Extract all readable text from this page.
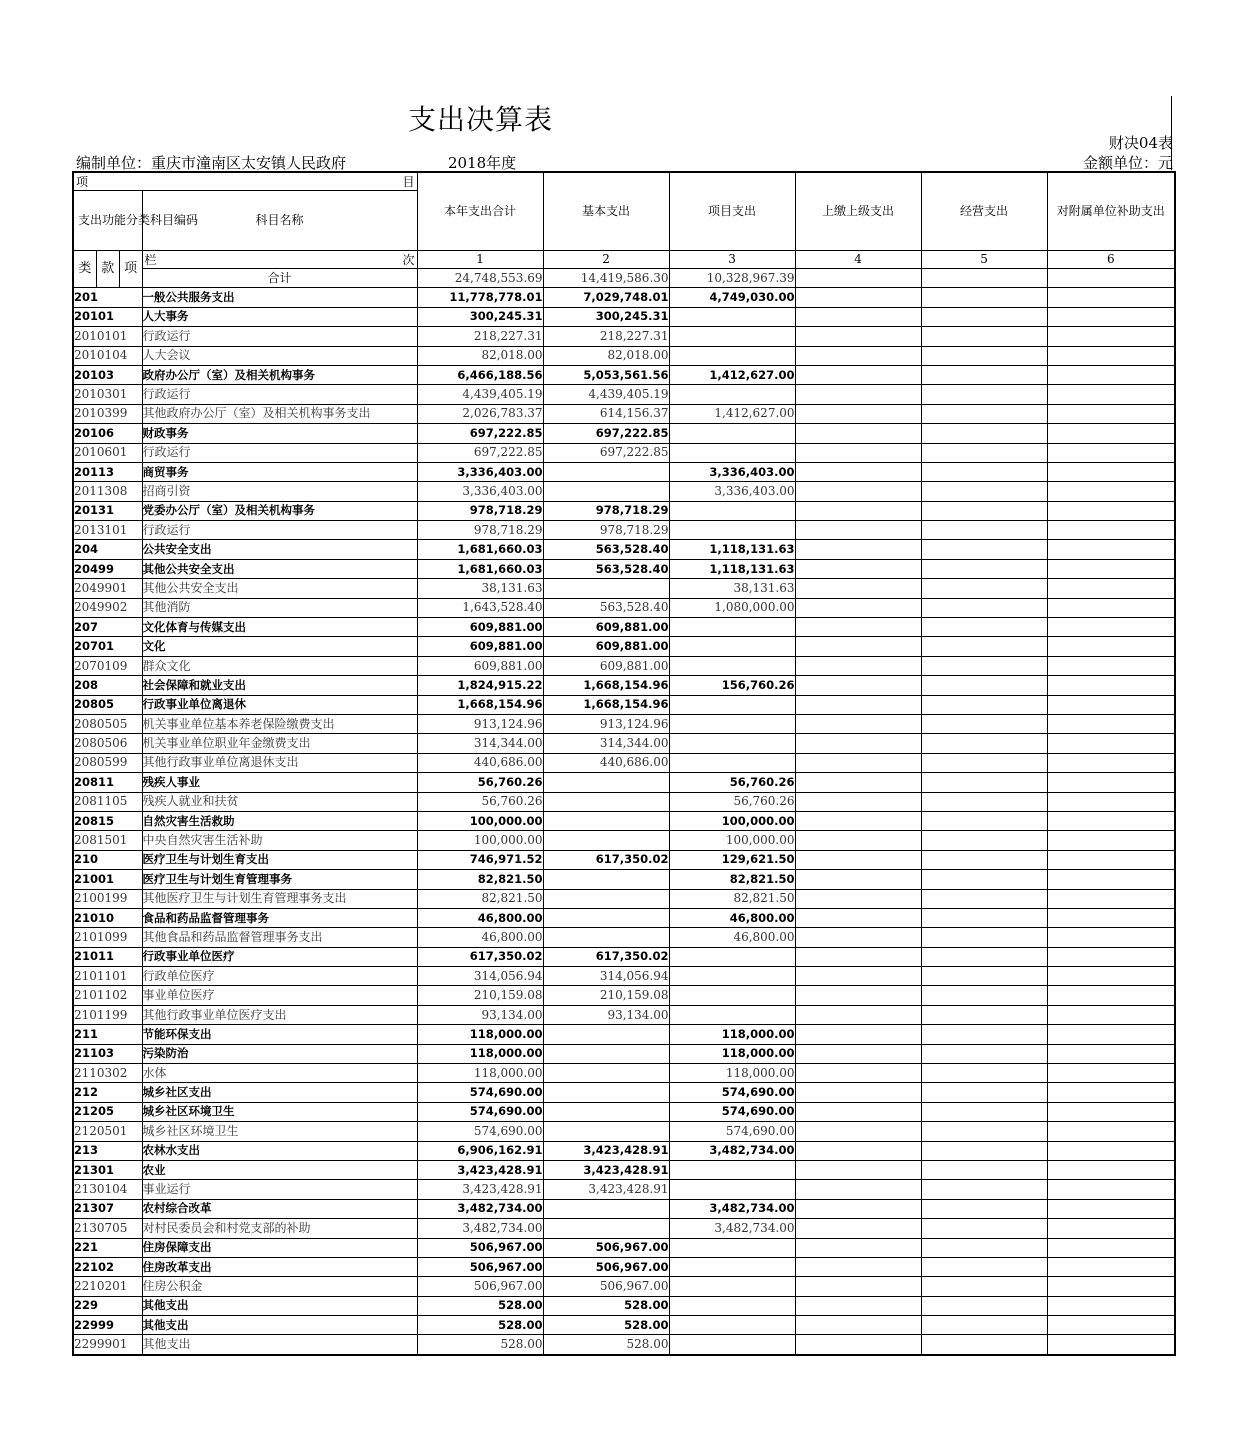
支出决算表
财决04表
编制单位：重庆市潼南区太安镇人民政府	2018年度	金额单位：元
项 目		本年支出合计	基本支出	项目支出	上缴上级支出	经营支出	对附属单位补助支出
支出功能分类科目编码	科目名称						

类 款 项	栏 次	1	2	3	4	5	6
	合计	24,748,553.69	14,419,586.30	10,328,967.39			
201	一般公共服务支出	11,778,778.01	7,029,748.01	4,749,030.00			
20101	人大事务	300,245.31	300,245.31				
2010101	行政运行	218,227.31	218,227.31				
2010104	人大会议	82,018.00	82,018.00				
20103	政府办公厅（室）及相关机构事务	6,466,188.56	5,053,561.56	1,412,627.00			
2010301	行政运行	4,439,405.19	4,439,405.19				
2010399	其他政府办公厅（室）及相关机构事务支出	2,026,783.37	614,156.37	1,412,627.00			
20106	财政事务	697,222.85	697,222.85				
2010601	行政运行	697,222.85	697,222.85				
20113	商贸事务	3,336,403.00		3,336,403.00			
2011308	招商引资	3,336,403.00		3,336,403.00			
20131	党委办公厅（室）及相关机构事务	978,718.29	978,718.29				
2013101	行政运行	978,718.29	978,718.29				
204	公共安全支出	1,681,660.03	563,528.40	1,118,131.63			
20499	其他公共安全支出	1,681,660.03	563,528.40	1,118,131.63			
2049901	其他公共安全支出	38,131.63		38,131.63			
2049902	其他消防	1,643,528.40	563,528.40	1,080,000.00			
207	文化体育与传媒支出	609,881.00	609,881.00				
20701	文化	609,881.00	609,881.00				
2070109	群众文化	609,881.00	609,881.00				
208	社会保障和就业支出	1,824,915.22	1,668,154.96	156,760.26			
20805	行政事业单位离退休	1,668,154.96	1,668,154.96				
2080505	机关事业单位基本养老保险缴费支出	913,124.96	913,124.96				
2080506	机关事业单位职业年金缴费支出	314,344.00	314,344.00				
2080599	其他行政事业单位离退休支出	440,686.00	440,686.00				
20811	残疾人事业	56,760.26		56,760.26			
2081105	残疾人就业和扶贫	56,760.26		56,760.26			
20815	自然灾害生活救助	100,000.00		100,000.00			
2081501	中央自然灾害生活补助	100,000.00		100,000.00			
210	医疗卫生与计划生育支出	746,971.52	617,350.02	129,621.50			
21001	医疗卫生与计划生育管理事务	82,821.50		82,821.50			
2100199	其他医疗卫生与计划生育管理事务支出	82,821.50		82,821.50			
21010	食品和药品监督管理事务	46,800.00		46,800.00			
2101099	其他食品和药品监督管理事务支出	46,800.00		46,800.00			
21011	行政事业单位医疗	617,350.02	617,350.02				
2101101	行政单位医疗	314,056.94	314,056.94				
2101102	事业单位医疗	210,159.08	210,159.08				
2101199	其他行政事业单位医疗支出	93,134.00	93,134.00				
211	节能环保支出	118,000.00		118,000.00			
21103	污染防治	118,000.00		118,000.00			
2110302	水体	118,000.00		118,000.00			
212	城乡社区支出	574,690.00		574,690.00			
21205	城乡社区环境卫生	574,690.00		574,690.00			
2120501	城乡社区环境卫生	574,690.00		574,690.00			
213	农林水支出	6,906,162.91	3,423,428.91	3,482,734.00			
21301	农业	3,423,428.91	3,423,428.91				
2130104	事业运行	3,423,428.91	3,423,428.91				
21307	农村综合改革	3,482,734.00		3,482,734.00			
2130705	对村民委员会和村党支部的补助	3,482,734.00		3,482,734.00			
221	住房保障支出	506,967.00	506,967.00				
22102	住房改革支出	506,967.00	506,967.00				
2210201	住房公积金	506,967.00	506,967.00				
229	其他支出	528.00	528.00				
22999	其他支出	528.00	528.00				
2299901	其他支出	528.00	528.00				
